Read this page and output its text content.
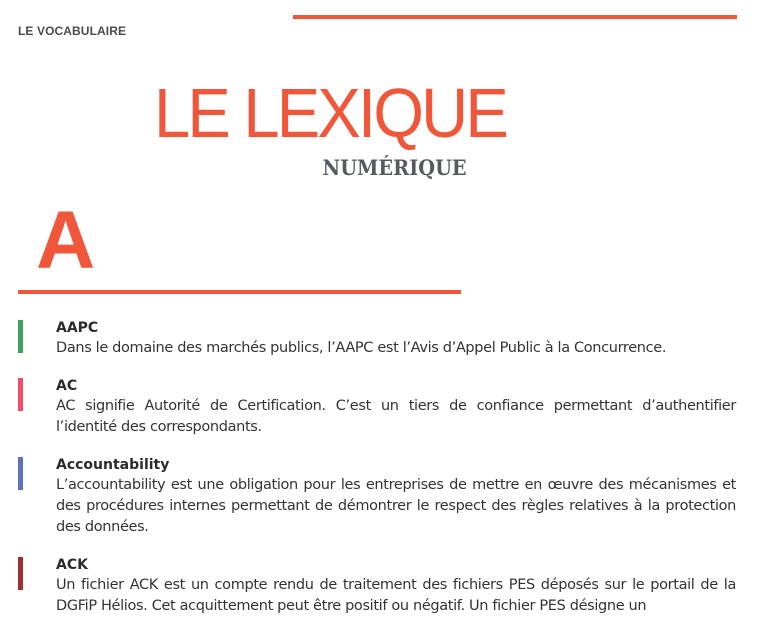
LE VOCABULAIRE
LE LEXIQUE
NUMÉRIQUE
A
AAPC
Dans le domaine des marchés publics, l’AAPC est l’Avis d’Appel Public à la Concurrence.
AC
AC signifie Autorité de Certification. C’est un tiers de confiance permettant d’authentifier l’identité des correspondants.
Accountability
L’accountability est une obligation pour les entreprises de mettre en œuvre des mécanismes et des procédures internes permettant de démontrer le respect des règles relatives à la protection des données.
ACK
Un fichier ACK est un compte rendu de traitement des fichiers PES déposés sur le portail de la DGFiP Hélios. Cet acquittement peut être positif ou négatif. Un fichier PES désigne un
